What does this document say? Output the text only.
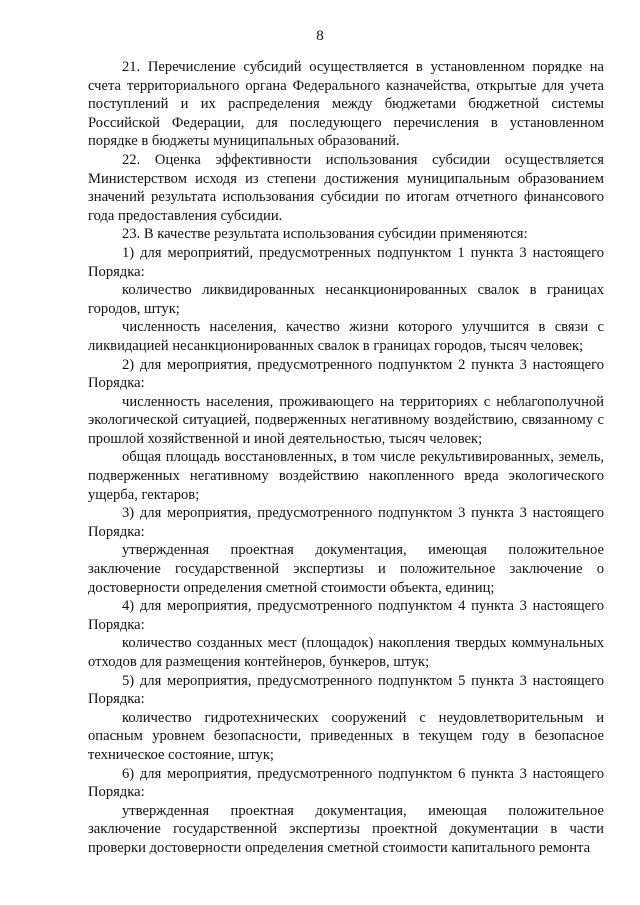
8

21. Перечисление субсидий осуществляется в установленном порядке на счета территориального органа Федерального казначейства, открытые для учета поступлений и их распределения между бюджетами бюджетной системы Российской Федерации, для последующего перечисления в установленном порядке в бюджеты муниципальных образований.

22. Оценка эффективности использования субсидии осуществляется Министерством исходя из степени достижения муниципальным образованием значений результата использования субсидии по итогам отчетного финансового года предоставления субсидии.

23. В качестве результата использования субсидии применяются:

1) для мероприятий, предусмотренных подпунктом 1 пункта 3 настоящего Порядка:

количество ликвидированных несанкционированных свалок в границах городов, штук;

численность населения, качество жизни которого улучшится в связи с ликвидацией несанкционированных свалок в границах городов, тысяч человек;

2) для мероприятия, предусмотренного подпунктом 2 пункта 3 настоящего Порядка:

численность населения, проживающего на территориях с неблагополучной экологической ситуацией, подверженных негативному воздействию, связанному с прошлой хозяйственной и иной деятельностью, тысяч человек;

общая площадь восстановленных, в том числе рекультивированных, земель, подверженных негативному воздействию накопленного вреда экологического ущерба, гектаров;

3) для мероприятия, предусмотренного подпунктом 3 пункта 3 настоящего Порядка:

утвержденная проектная документация, имеющая положительное заключение государственной экспертизы и положительное заключение о достоверности определения сметной стоимости объекта, единиц;

4) для мероприятия, предусмотренного подпунктом 4 пункта 3 настоящего Порядка:

количество созданных мест (площадок) накопления твердых коммунальных отходов для размещения контейнеров, бункеров, штук;

5) для мероприятия, предусмотренного подпунктом 5 пункта 3 настоящего Порядка:

количество гидротехнических сооружений с неудовлетворительным и опасным уровнем безопасности, приведенных в текущем году в безопасное техническое состояние, штук;

6) для мероприятия, предусмотренного подпунктом 6 пункта 3 настоящего Порядка:

утвержденная проектная документация, имеющая положительное заключение государственной экспертизы проектной документации в части проверки достоверности определения сметной стоимости капитального ремонта
